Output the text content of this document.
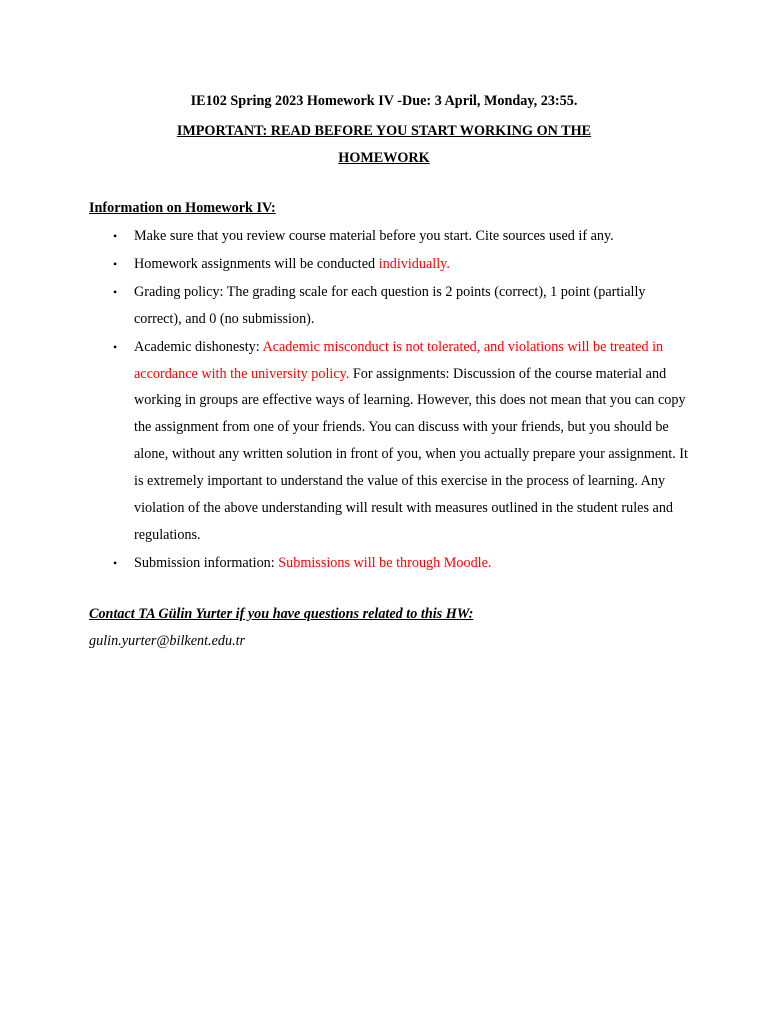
IE102 Spring 2023 Homework IV -Due: 3 April, Monday, 23:55.
IMPORTANT: READ BEFORE YOU START WORKING ON THE
HOMEWORK
Information on Homework IV:
• Make sure that you review course material before you start. Cite sources used if any.
• Homework assignments will be conducted individually.
• Grading policy: The grading scale for each question is 2 points (correct), 1 point (partially correct), and 0 (no submission).
• Academic dishonesty: Academic misconduct is not tolerated, and violations will be treated in accordance with the university policy. For assignments: Discussion of the course material and working in groups are effective ways of learning. However, this does not mean that you can copy the assignment from one of your friends. You can discuss with your friends, but you should be alone, without any written solution in front of you, when you actually prepare your assignment. It is extremely important to understand the value of this exercise in the process of learning. Any violation of the above understanding will result with measures outlined in the student rules and regulations.
• Submission information: Submissions will be through Moodle.
Contact TA Gülin Yurter if you have questions related to this HW:
gulin.yurter@bilkent.edu.tr
